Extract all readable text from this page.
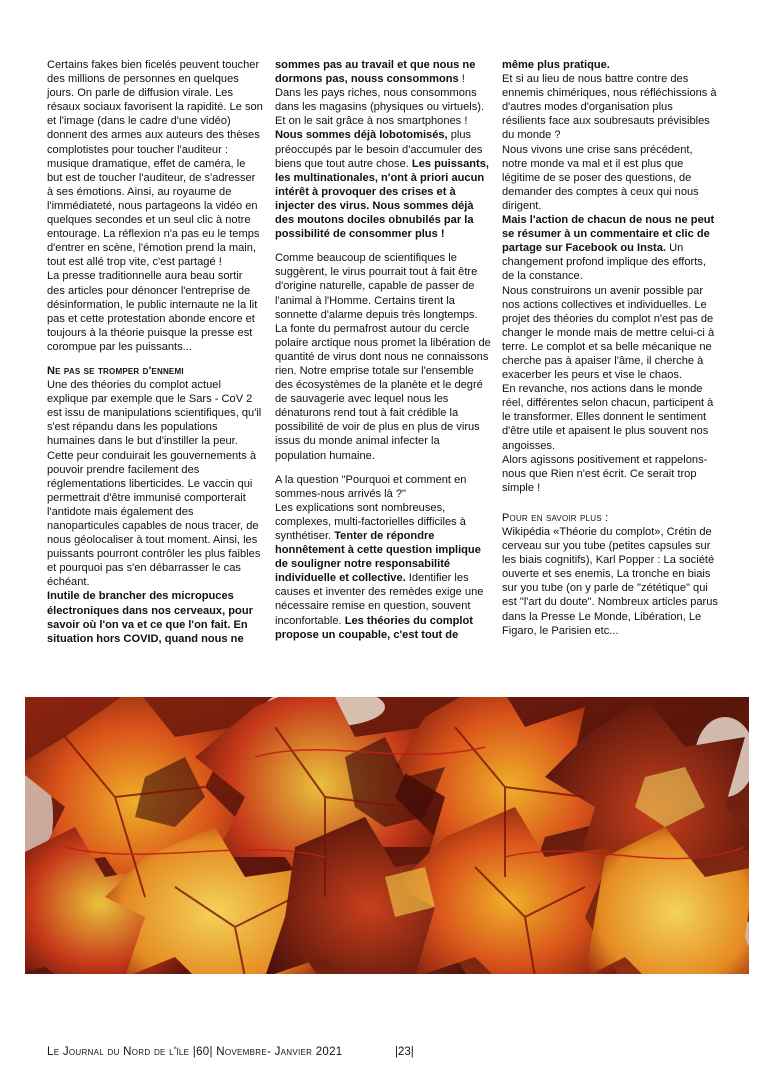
Certains fakes bien ficelés peuvent toucher des millions de personnes en quelques jours. On parle de diffusion virale. Les résaux sociaux favorisent la rapidité. Le son et l'image (dans le cadre d'une vidéo) donnent des armes aux auteurs des thèses complotistes pour toucher l'auditeur : musique dramatique, effet de caméra, le but est de toucher l'auditeur, de s'adresser à ses émotions. Ainsi, au royaume de l'immédiateté, nous partageons la vidéo en quelques secondes et un seul clic à notre entourage. La réflexion n'a pas eu le temps d'entrer en scène, l'émotion prend la main, tout est allé trop vite, c'est partagé !

La presse traditionnelle aura beau sortir des articles pour dénoncer l'entreprise de désinformation, le public internaute ne la lit pas et cette protestation abonde encore et toujours à la théorie puisque la presse est corompue par les puissants...

Ne pas se tromper d'ennemi

Une des théories du complot actuel explique par exemple que le Sars - CoV 2 est issu de manipulations scientifiques, qu'il s'est répandu dans les populations humaines dans le but d'instiller la peur. Cette peur conduirait les gouvernements à pouvoir prendre facilement des réglementations liberticides. Le vaccin qui permettrait d'être immunisé comporterait l'antidote mais également des nanoparticules capables de nous tracer, de nous géolocaliser à tout moment. Ainsi, les puissants pourront contrôler les plus faibles et pourquoi pas s'en débarrasser le cas échéant.

Inutile de brancher des micropuces électroniques dans nos cerveaux, pour savoir où l'on va et ce que l'on fait. En situation hors COVID, quand nous ne

sommes pas au travail et que nous ne dormons pas, nouss consommons ! Dans les pays riches, nous consommons dans les magasins (physiques ou virtuels). Et on le sait grâce à nos smartphones ! Nous sommes déjà lobotomisés, plus préoccupés par le besoin d'accumuler des biens que tout autre chose. Les puissants, les multinationales, n'ont à priori aucun intérêt à provoquer des crises et à injecter des virus. Nous sommes déjà des moutons dociles obnubilés par la possibilité de consommer plus !

Comme beaucoup de scientifiques le suggèrent, le virus pourrait tout à fait être d'origine naturelle, capable de passer de l'animal à l'Homme. Certains tirent la sonnette d'alarme depuis très longtemps. La fonte du permafrost autour du cercle polaire arctique nous promet la libération de quantité de virus dont nous ne connaissons rien. Notre emprise totale sur l'ensemble des écosystèmes de la planète et le degré de sauvagerie avec lequel nous les dénaturons rend tout à fait crédible la possibilité de voir de plus en plus de virus issus du monde animal infecter la population humaine.

A la question "Pourquoi et comment en sommes-nous arrivés là ?"

Les explications sont nombreuses, complexes, multi-factorielles difficiles à synthétiser. Tenter de répondre honnêtement à cette question implique de souligner notre responsabilité individuelle et collective. Identifier les causes et inventer des remèdes exige une nécessaire remise en question, souvent inconfortable. Les théories du complot propose un coupable, c'est tout de

même plus pratique.

Et si au lieu de nous battre contre des ennemis chimériques, nous réfléchissions à d'autres modes d'organisation plus résilients face aux soubresauts prévisibles du monde ?

Nous vivons une crise sans précédent, notre monde va mal et il est plus que légitime de se poser des questions, de demander des comptes à ceux qui nous dirigent.

Mais l'action de chacun de nous ne peut se résumer à un commentaire et clic de partage sur Facebook ou Insta. Un changement profond implique des efforts, de la constance.

Nous construirons un avenir possible par nos actions collectives et individuelles. Le projet des théories du complot n'est pas de changer le monde mais de mettre celui-ci à terre. Le complot et sa belle mécanique ne cherche pas à apaiser l'âme, il cherche à exacerber les peurs et vise le chaos.

En revanche, nos actions dans le monde réel, différentes selon chacun, participent à le transformer. Elles donnent le sentiment d'être utile et apaisent le plus souvent nos angoisses.

Alors agissons positivement et rappelons-nous que Rien n'est écrit. Ce serait trop simple !

Pour en savoir plus :

Wikipédia «Théorie du complot», Crétin de cerveau sur you tube (petites capsules sur les biais cognitifs), Karl Popper : La société ouverte et ses enemis, La tronche en biais sur you tube (on y parle de "zététique" qui est "l'art du doute". Nombreux articles parus dans la Presse Le Monde, Libération, Le Figaro, le Parisien etc...

Le Journal du Nord de l'île |60| Novembre- Janvier 2021	|23|
